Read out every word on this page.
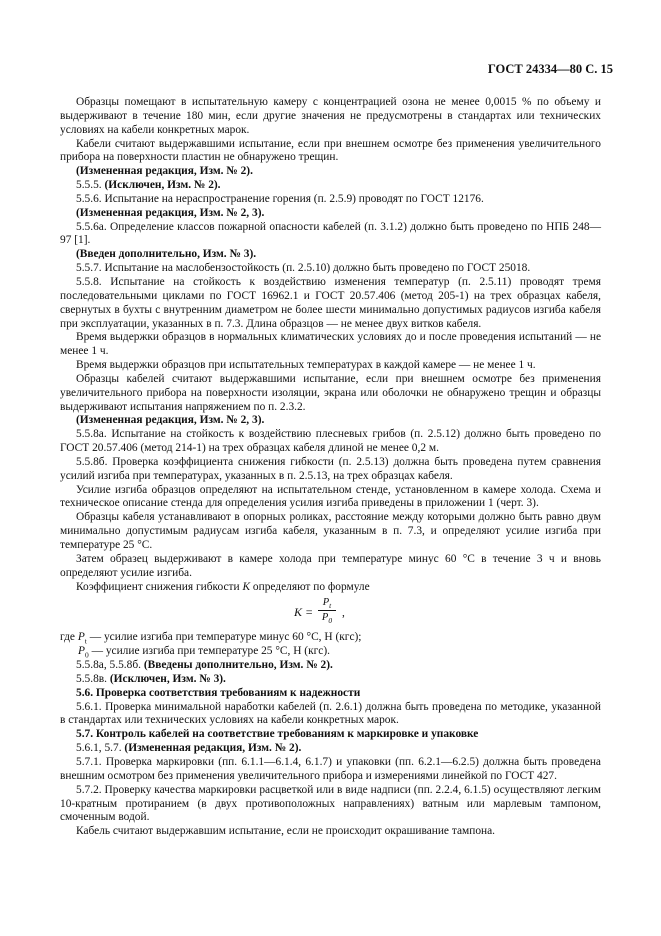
ГОСТ 24334—80 С. 15

Образцы помещают в испытательную камеру с концентрацией озона не менее 0,0015 % по объему и выдерживают в течение 180 мин, если другие значения не предусмотрены в стандартах или технических условиях на кабели конкретных марок.

Кабели считают выдержавшими испытание, если при внешнем осмотре без применения увеличительного прибора на поверхности пластин не обнаружено трещин.

(Измененная редакция, Изм. № 2).

5.5.5. (Исключен, Изм. № 2).

5.5.6. Испытание на нераспространение горения (п. 2.5.9) проводят по ГОСТ 12176.

(Измененная редакция, Изм. № 2, 3).

5.5.6а. Определение классов пожарной опасности кабелей (п. 3.1.2) должно быть проведено по НПБ 248—97 [1].

(Введен дополнительно, Изм. № 3).

5.5.7. Испытание на маслобензостойкость (п. 2.5.10) должно быть проведено по ГОСТ 25018.

5.5.8. Испытание на стойкость к воздействию изменения температур (п. 2.5.11) проводят тремя последовательными циклами по ГОСТ 16962.1 и ГОСТ 20.57.406 (метод 205-1) на трех образцах кабеля, свернутых в бухты с внутренним диаметром не более шести минимально допустимых радиусов изгиба кабеля при эксплуатации, указанных в п. 7.3. Длина образцов — не менее двух витков кабеля.

Время выдержки образцов в нормальных климатических условиях до и после проведения испытаний — не менее 1 ч.

Время выдержки образцов при испытательных температурах в каждой камере — не менее 1 ч.

Образцы кабелей считают выдержавшими испытание, если при внешнем осмотре без применения увеличительного прибора на поверхности изоляции, экрана или оболочки не обнаружено трещин и образцы выдерживают испытания напряжением по п. 2.3.2.

(Измененная редакция, Изм. № 2, 3).

5.5.8а. Испытание на стойкость к воздействию плесневых грибов (п. 2.5.12) должно быть проведено по ГОСТ 20.57.406 (метод 214-1) на трех образцах кабеля длиной не менее 0,2 м.

5.5.8б. Проверка коэффициента снижения гибкости (п. 2.5.13) должна быть проведена путем сравнения усилий изгиба при температурах, указанных в п. 2.5.13, на трех образцах кабеля.

Усилие изгиба образцов определяют на испытательном стенде, установленном в камере холода. Схема и техническое описание стенда для определения усилия изгиба приведены в приложении 1 (черт. 3).

Образцы кабеля устанавливают в опорных роликах, расстояние между которыми должно быть равно двум минимально допустимым радиусам изгиба кабеля, указанным в п. 7.3, и определяют усилие изгиба при температуре 25 °С.

Затем образец выдерживают в камере холода при температуре минус 60 °С в течение 3 ч и вновь определяют усилие изгиба.

Коэффициент снижения гибкости K определяют по формуле

K =
$P_t$
$P_0$
,

где $P_t$ — усилие изгиба при температуре минус 60 °С, Н (кгс);

$P_0$ — усилие изгиба при температуре 25 °С, Н (кгс).

5.5.8а, 5.5.8б. (Введены дополнительно, Изм. № 2).

5.5.8в. (Исключен, Изм. № 3).

5.6. Проверка соответствия требованиям к надежности

5.6.1. Проверка минимальной наработки кабелей (п. 2.6.1) должна быть проведена по методике, указанной в стандартах или технических условиях на кабели конкретных марок.

5.7. Контроль кабелей на соответствие требованиям к маркировке и упаковке

5.6.1, 5.7. (Измененная редакция, Изм. № 2).

5.7.1. Проверка маркировки (пп. 6.1.1—6.1.4, 6.1.7) и упаковки (пп. 6.2.1—6.2.5) должна быть проведена внешним осмотром без применения увеличительного прибора и измерениями линейкой по ГОСТ 427.

5.7.2. Проверку качества маркировки расцветкой или в виде надписи (пп. 2.2.4, 6.1.5) осуществляют легким 10-кратным протиранием (в двух противоположных направлениях) ватным или марлевым тампоном, смоченным водой.

Кабель считают выдержавшим испытание, если не происходит окрашивание тампона.
